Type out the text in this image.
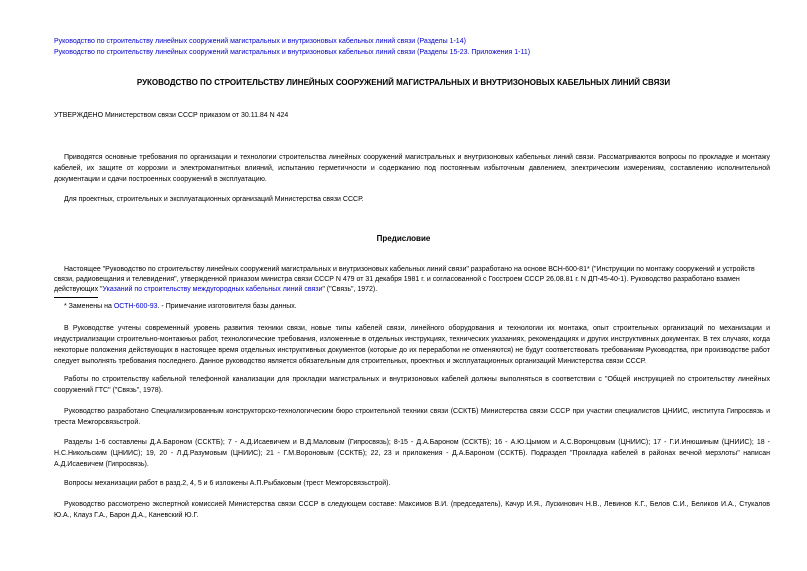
Руководство по строительству линейных сооружений магистральных и внутризоновых кабельных линий связи (Разделы 1-14)
Руководство по строительству линейных сооружений магистральных и внутризоновых кабельных линий связи (Разделы 15-23. Приложения 1-11)
РУКОВОДСТВО ПО СТРОИТЕЛЬСТВУ ЛИНЕЙНЫХ СООРУЖЕНИЙ МАГИСТРАЛЬНЫХ И ВНУТРИЗОНОВЫХ КАБЕЛЬНЫХ ЛИНИЙ СВЯЗИ
УТВЕРЖДЕНО Министерством связи СССР приказом от 30.11.84 N 424
Приводятся основные требования по организации и технологии строительства линейных сооружений магистральных и внутризоновых кабельных линий связи. Рассматриваются вопросы по прокладке и монтажу кабелей, их защите от коррозии и электромагнитных влияний, испытанию герметичности и содержанию под постоянным избыточным давлением, электрическим измерениям, составлению исполнительной документации и сдачи построенных сооружений в эксплуатацию.
Для проектных, строительных и эксплуатационных организаций Министерства связи СССР.
Предисловие
Настоящее "Руководство по строительству линейных сооружений магистральных и внутризоновых кабельных линий связи" разработано на основе ВСН-600-81* ("Инструкции по монтажу сооружений и устройств
связи, радиовещания и телевидения", утвержденной приказом министра связи СССР N 479 от 31 декабря 1981 г. и согласованной с Госстроем СССР 26.08.81 г. N ДП-45-40-1). Руководство разработано взамен
действующих "Указаний по строительству междугородных кабельных линий связи" ("Связь", 1972).
* Заменены на ОСТН-600-93. - Примечание изготовителя базы данных.
В Руководстве учтены современный уровень развития техники связи, новые типы кабелей связи, линейного оборудования и технологии их монтажа, опыт строительных организаций по механизации и индустриализации строительно-монтажных работ, технологические требования, изложенные в отдельных инструкциях, технических указаниях, рекомендациях и других инструктивных документах. В тех случаях, когда некоторые положения действующих в настоящее время отдельных инструктивных документов (которые до их переработки не отменяются) не будут соответствовать требованиям Руководства, при производстве работ следует выполнять требования последнего. Данное руководство является обязательным для строительных, проектных и эксплуатационных организаций Министерства связи СССР.
Работы по строительству кабельной телефонной канализации для прокладки магистральных и внутризоновых кабелей должны выполняться в соответствии с "Общей инструкцией по строительству линейных сооружений ГТС" ("Связь", 1978).
Руководство разработано Специализированным конструкторско-технологическим бюро строительной техники связи (ССКТБ) Министерства связи СССР при участии специалистов ЦНИИС, института Гипросвязь и треста Межгорсвязьстрой.
Разделы 1-6 составлены Д.А.Бароном (ССКТБ); 7 - А.Д.Исаевичем и В.Д.Маловым (Гипросвязь); 8-15 - Д.А.Бароном (ССКТБ); 16 - А.Ю.Цымом и А.С.Воронцовым (ЦНИИС); 17 - Г.И.Инюшиным (ЦНИИС); 18 - Н.С.Никольским (ЦНИИС); 19, 20 - Л.Д.Разумовым (ЦНИИС); 21 - Г.М.Вороновым (ССКТБ); 22, 23 и приложения - Д.А.Бароном (ССКТБ). Подраздел "Прокладка кабелей в районах вечной мерзлоты" написан А.Д.Исаевичем (Гипросвязь).
Вопросы механизации работ в разд.2, 4, 5 и 6 изложены А.П.Рыбаковым (трест Межгорсвязьстрой).
Руководство рассмотрено экспертной комиссией Министерства связи СССР в следующем составе: Максимов В.И. (председатель), Качур И.Я., Лускинович Н.В., Левинов К.Г., Белов С.И., Беликов И.А., Стукалов Ю.А., Клауз Г.А., Барон Д.А., Каневский Ю.Г.
